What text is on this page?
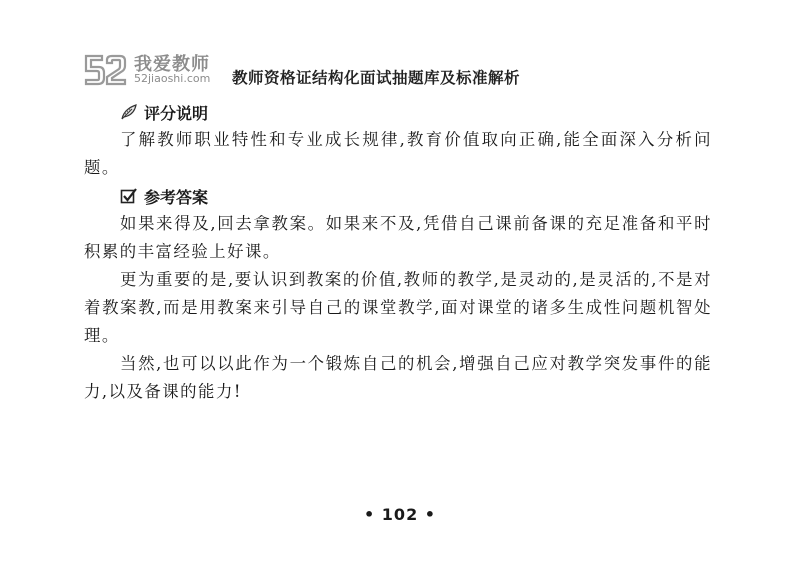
我爱教师
52jiaoshi.com 教师资格证结构化面试抽题库及标准解析
评分说明

了解教师职业特性和专业成长规律,教育价值取向正确,能全面深入分析问题。

参考答案

如果来得及,回去拿教案。如果来不及,凭借自己课前备课的充足准备和平时积累的丰富经验上好课。

更为重要的是,要认识到教案的价值,教师的教学,是灵动的,是灵活的,不是对着教案教,而是用教案来引导自己的课堂教学,面对课堂的诸多生成性问题机智处理。

当然,也可以以此作为一个锻炼自己的机会,增强自己应对教学突发事件的能力,以及备课的能力!

• 102 •
